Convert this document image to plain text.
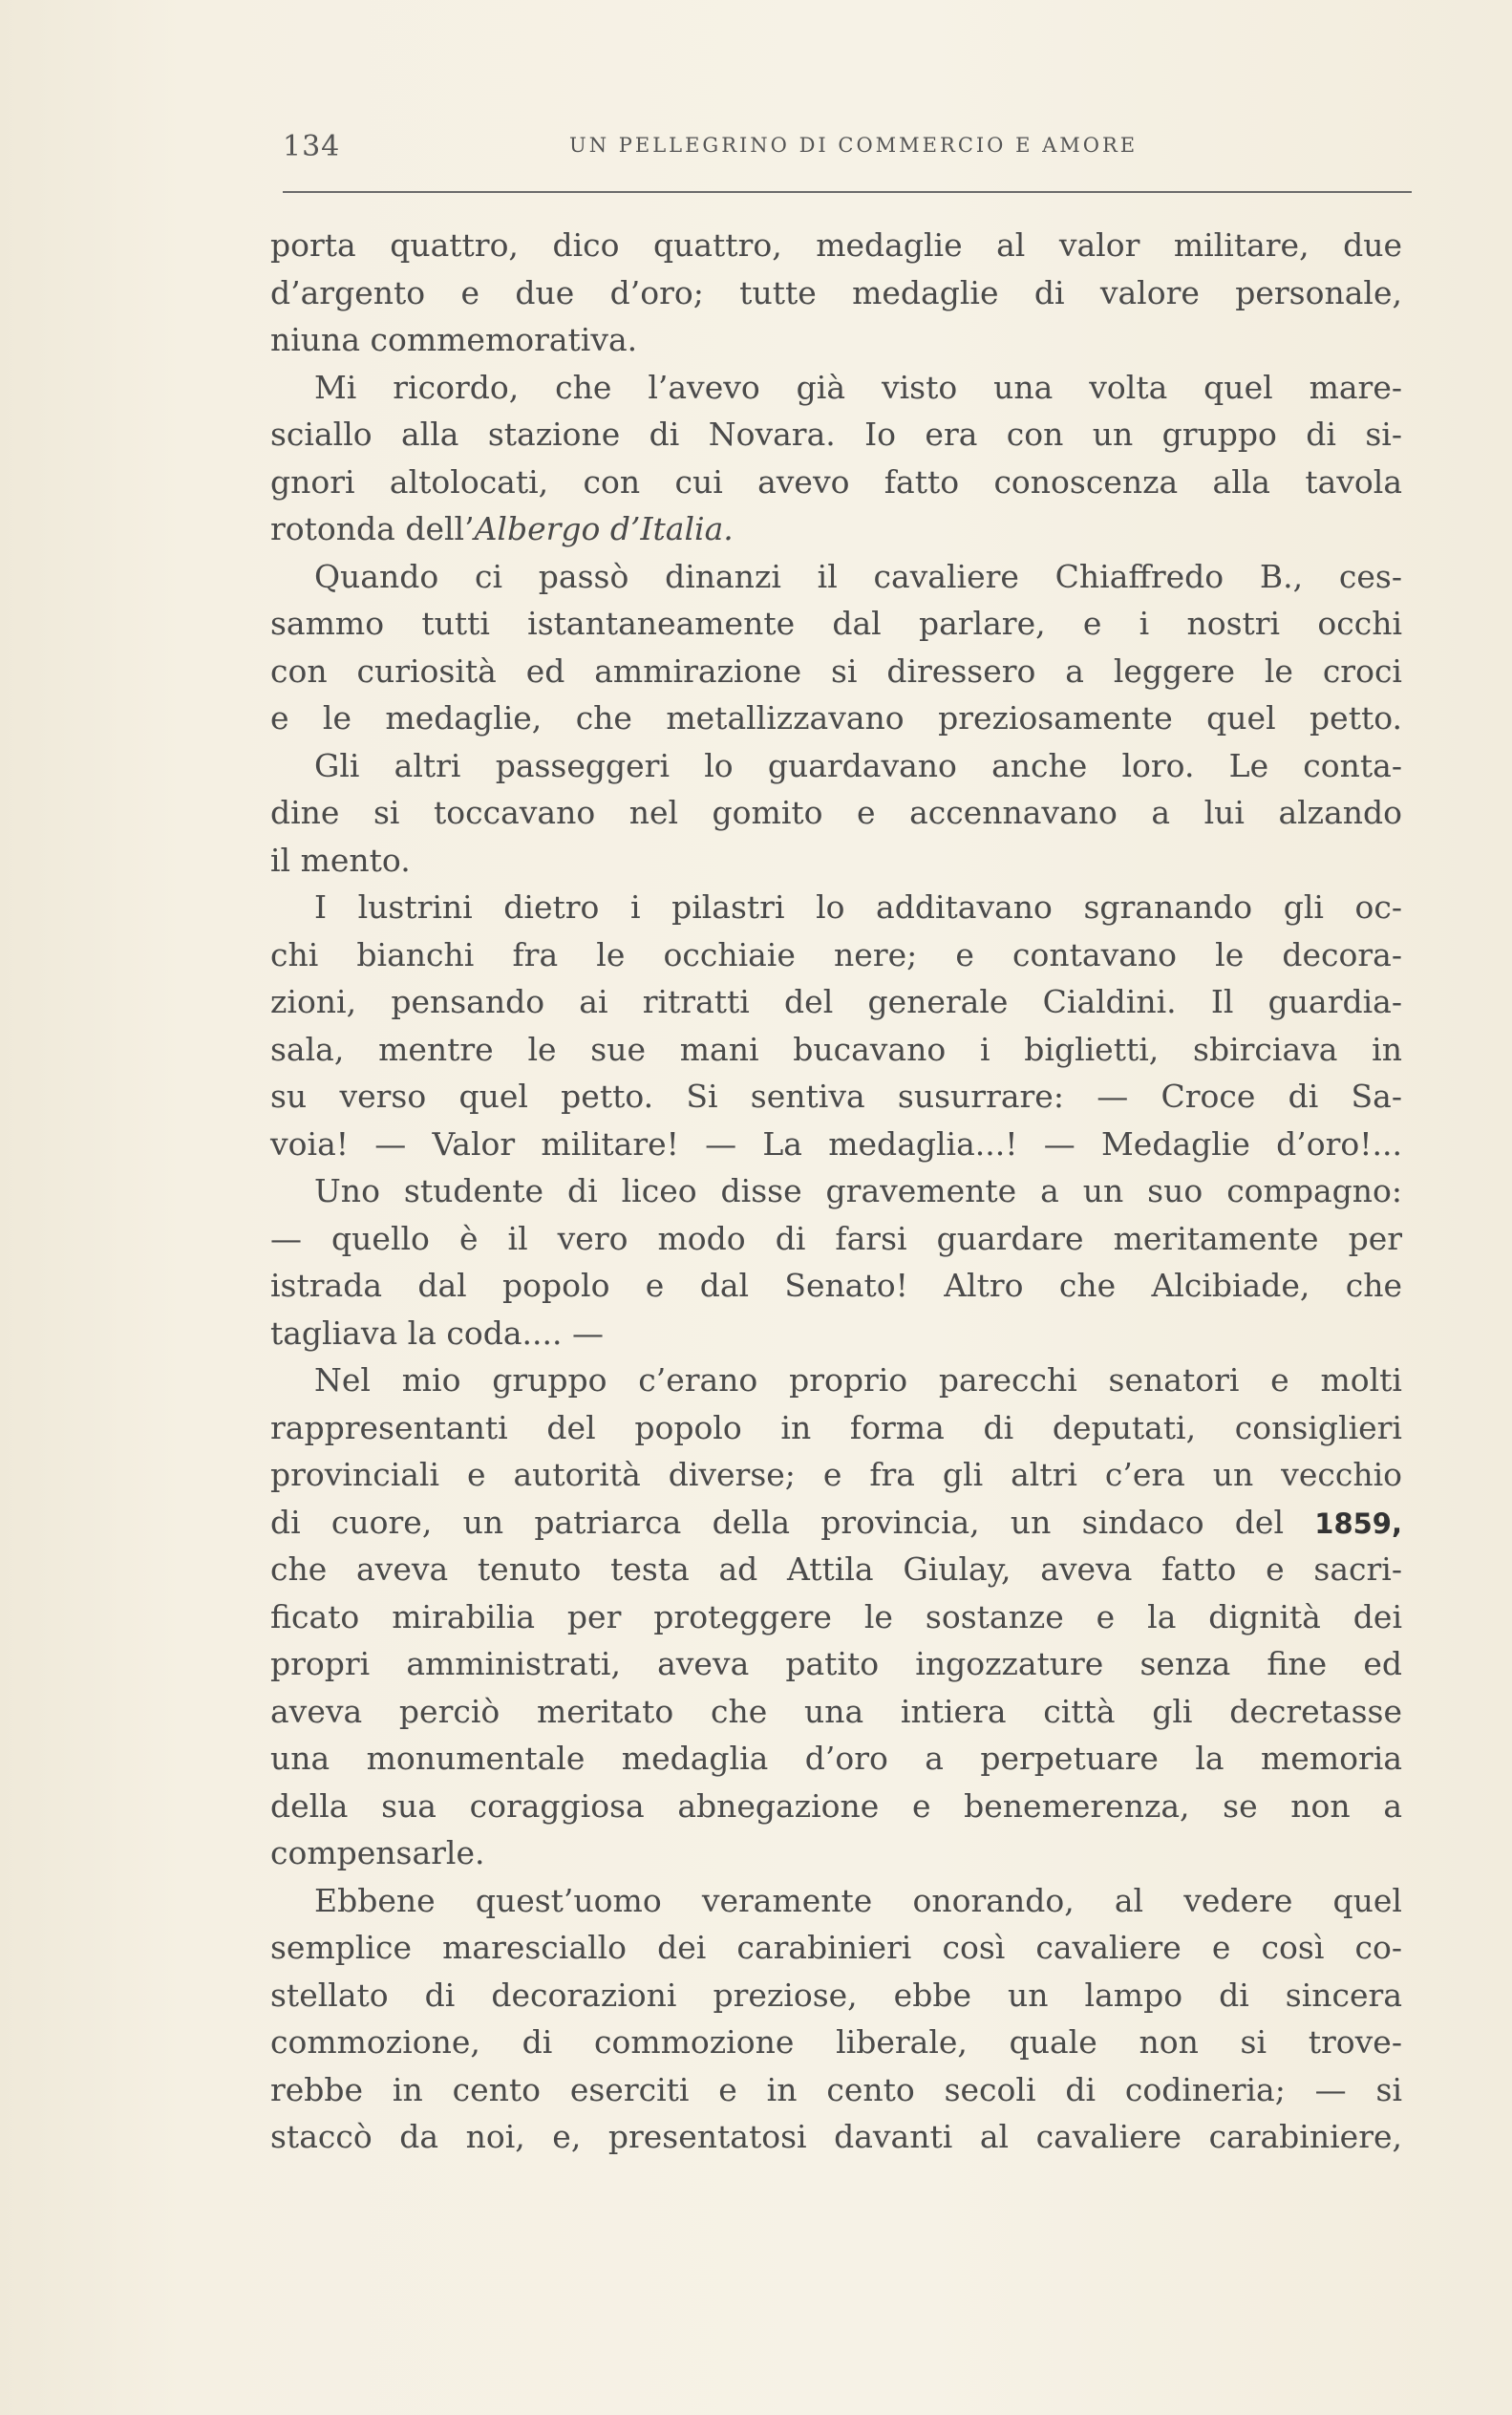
134	UN PELLEGRINO DI COMMERCIO E AMORE
porta quattro, dico quattro, medaglie al valor militare, due
d’argento e due d’oro; tutte medaglie di valore personale,
niuna commemorativa.
Mi ricordo, che l’avevo già visto una volta quel mare-
sciallo alla stazione di Novara. Io era con un gruppo di si-
gnori altolocati, con cui avevo fatto conoscenza alla tavola
rotonda dell’Albergo d’Italia.
Quando ci passò dinanzi il cavaliere Chiaffredo B., ces-
sammo tutti istantaneamente dal parlare, e i nostri occhi
con curiosità ed ammirazione si diressero a leggere le croci
e le medaglie, che metallizzavano preziosamente quel petto.
Gli altri passeggeri lo guardavano anche loro. Le conta-
dine si toccavano nel gomito e accennavano a lui alzando
il mento.
I lustrini dietro i pilastri lo additavano sgranando gli oc-
chi bianchi fra le occhiaie nere; e contavano le decora-
zioni, pensando ai ritratti del generale Cialdini. Il guardia-
sala, mentre le sue mani bucavano i biglietti, sbirciava in
su verso quel petto. Si sentiva susurrare: — Croce di Sa-
voia! — Valor militare! — La medaglia...! — Medaglie d’oro!...
Uno studente di liceo disse gravemente a un suo compagno:
— quello è il vero modo di farsi guardare meritamente per
istrada dal popolo e dal Senato! Altro che Alcibiade, che
tagliava la coda.... —
Nel mio gruppo c’erano proprio parecchi senatori e molti
rappresentanti del popolo in forma di deputati, consiglieri
provinciali e autorità diverse; e fra gli altri c’era un vecchio
di cuore, un patriarca della provincia, un sindaco del 1859,
che aveva tenuto testa ad Attila Giulay, aveva fatto e sacri-
ficato mirabilia per proteggere le sostanze e la dignità dei
propri amministrati, aveva patito ingozzature senza fine ed
aveva perciò meritato che una intiera città gli decretasse
una monumentale medaglia d’oro a perpetuare la memoria
della sua coraggiosa abnegazione e benemerenza, se non a
compensarle.
Ebbene quest’uomo veramente onorando, al vedere quel
semplice maresciallo dei carabinieri così cavaliere e così co-
stellato di decorazioni preziose, ebbe un lampo di sincera
commozione, di commozione liberale, quale non si trove-
rebbe in cento eserciti e in cento secoli di codineria; — si
staccò da noi, e, presentatosi davanti al cavaliere carabiniere,
